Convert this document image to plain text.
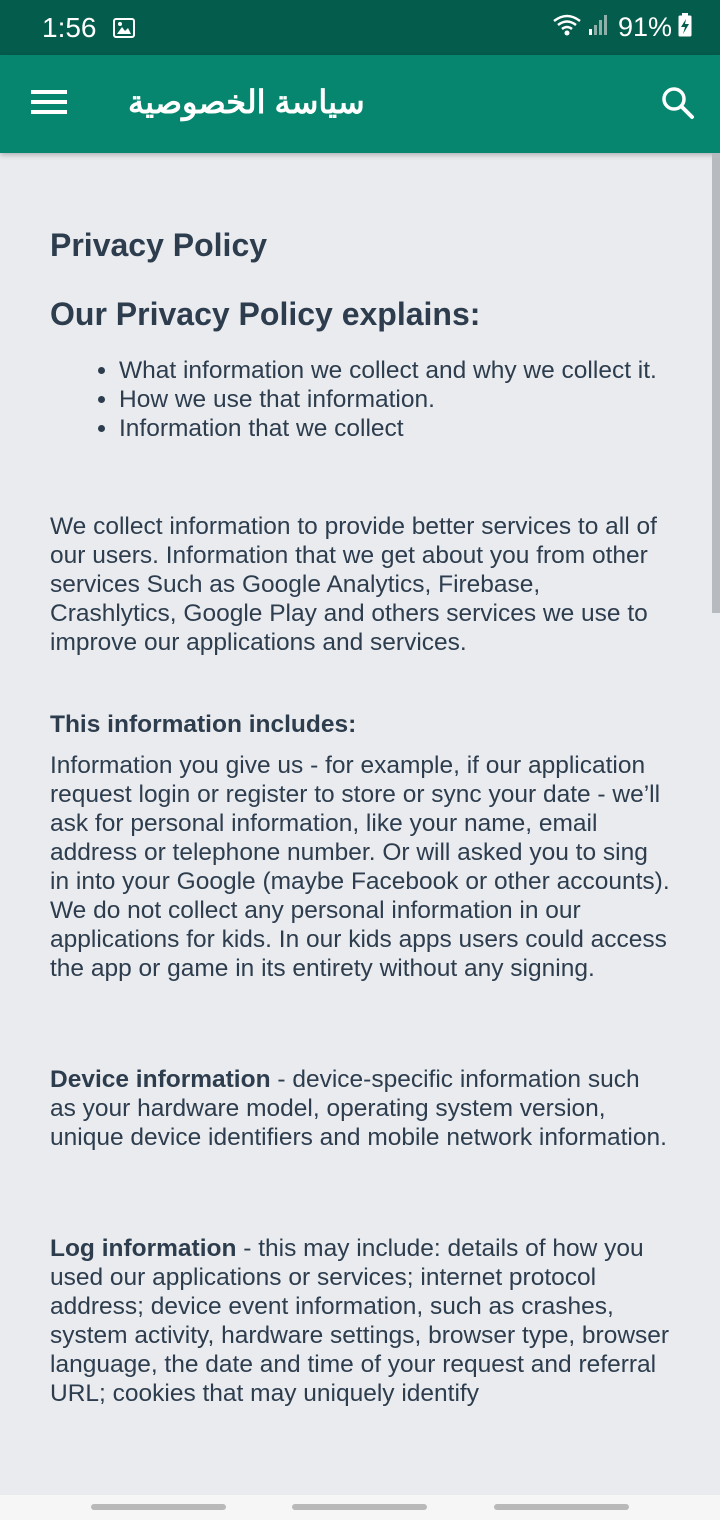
1:56	91%
سياسة الخصوصية
Privacy Policy
Our Privacy Policy explains:
• What information we collect and why we collect it.
• How we use that information.
• Information that we collect

We collect information to provide better services to all of our users. Information that we get about you from other services Such as Google Analytics, Firebase, Crashlytics, Google Play and others services we use to improve our applications and services.

This information includes:

Information you give us - for example, if our application request login or register to store or sync your date - we’ll ask for personal information, like your name, email address or telephone number. Or will asked you to sing in into your Google (maybe Facebook or other accounts). We do not collect any personal information in our applications for kids. In our kids apps users could access the app or game in its entirety without any signing.

Device information - device-specific information such as your hardware model, operating system version, unique device identifiers and mobile network information.

Log information - this may include: details of how you used our applications or services; internet protocol address; device event information, such as crashes, system activity, hardware settings, browser type, browser language, the date and time of your request and referral URL; cookies that may uniquely identify
